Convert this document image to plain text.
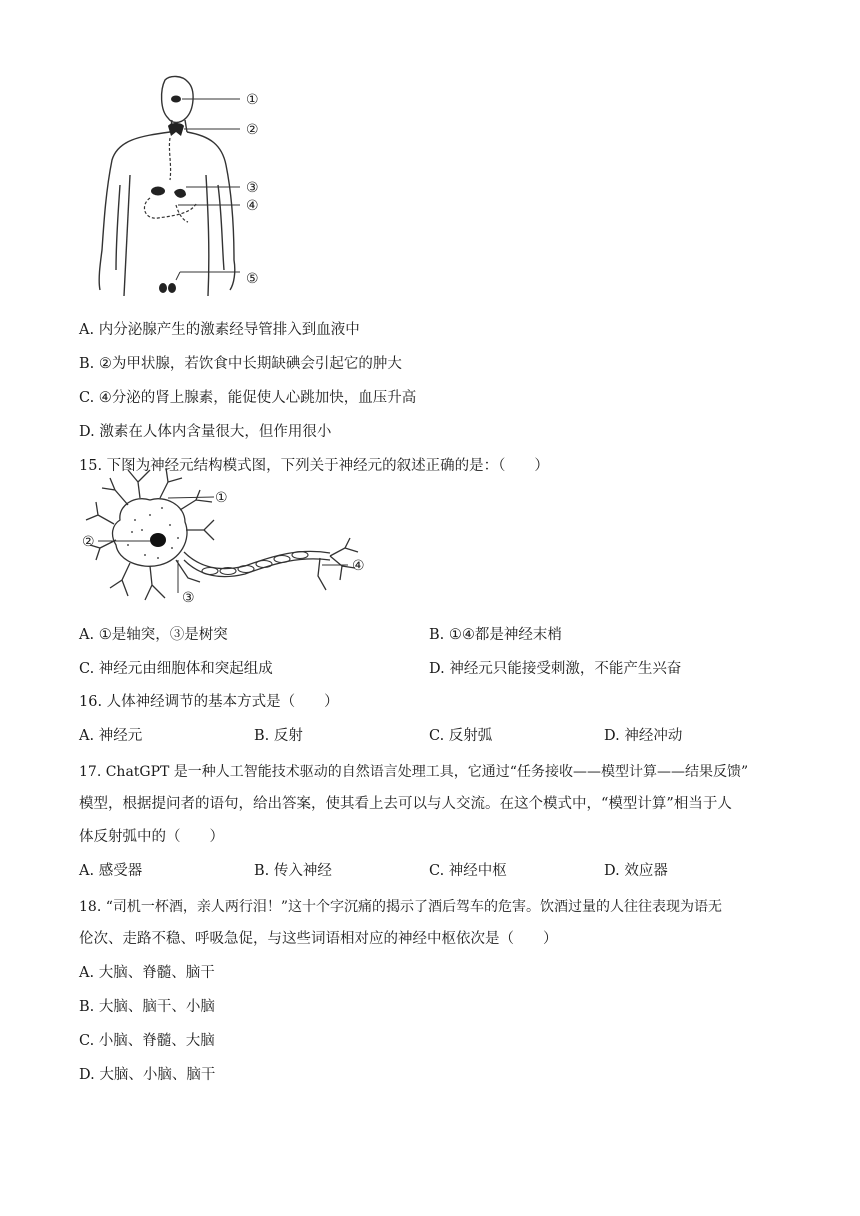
①
②
③
④
⑤
A. 内分泌腺产生的激素经导管排入到血液中
B. ②为甲状腺，若饮食中长期缺碘会引起它的肿大
C. ④分泌的肾上腺素，能促使人心跳加快，血压升高
D. 激素在人体内含量很大，但作用很小
15. 下图为神经元结构模式图，下列关于神经元的叙述正确的是：（　　）
①
②
③
④
A. ①是轴突，③是树突	B. ①④都是神经末梢
C. 神经元由细胞体和突起组成	D. 神经元只能接受刺激，不能产生兴奋
16. 人体神经调节的基本方式是（　　）
A. 神经元	B. 反射	C. 反射弧	D. 神经冲动
17. ChatGPT 是一种人工智能技术驱动的自然语言处理工具，它通过“任务接收——模型计算——结果反馈”
模型，根据提问者的语句，给出答案，使其看上去可以与人交流。在这个模式中，“模型计算”相当于人
体反射弧中的（　　）
A. 感受器	B. 传入神经	C. 神经中枢	D. 效应器
18. “司机一杯酒，亲人两行泪！”这十个字沉痛的揭示了酒后驾车的危害。饮酒过量的人往往表现为语无
伦次、走路不稳、呼吸急促，与这些词语相对应的神经中枢依次是（　　）
A. 大脑、脊髓、脑干
B. 大脑、脑干、小脑
C. 小脑、脊髓、大脑
D. 大脑、小脑、脑干
